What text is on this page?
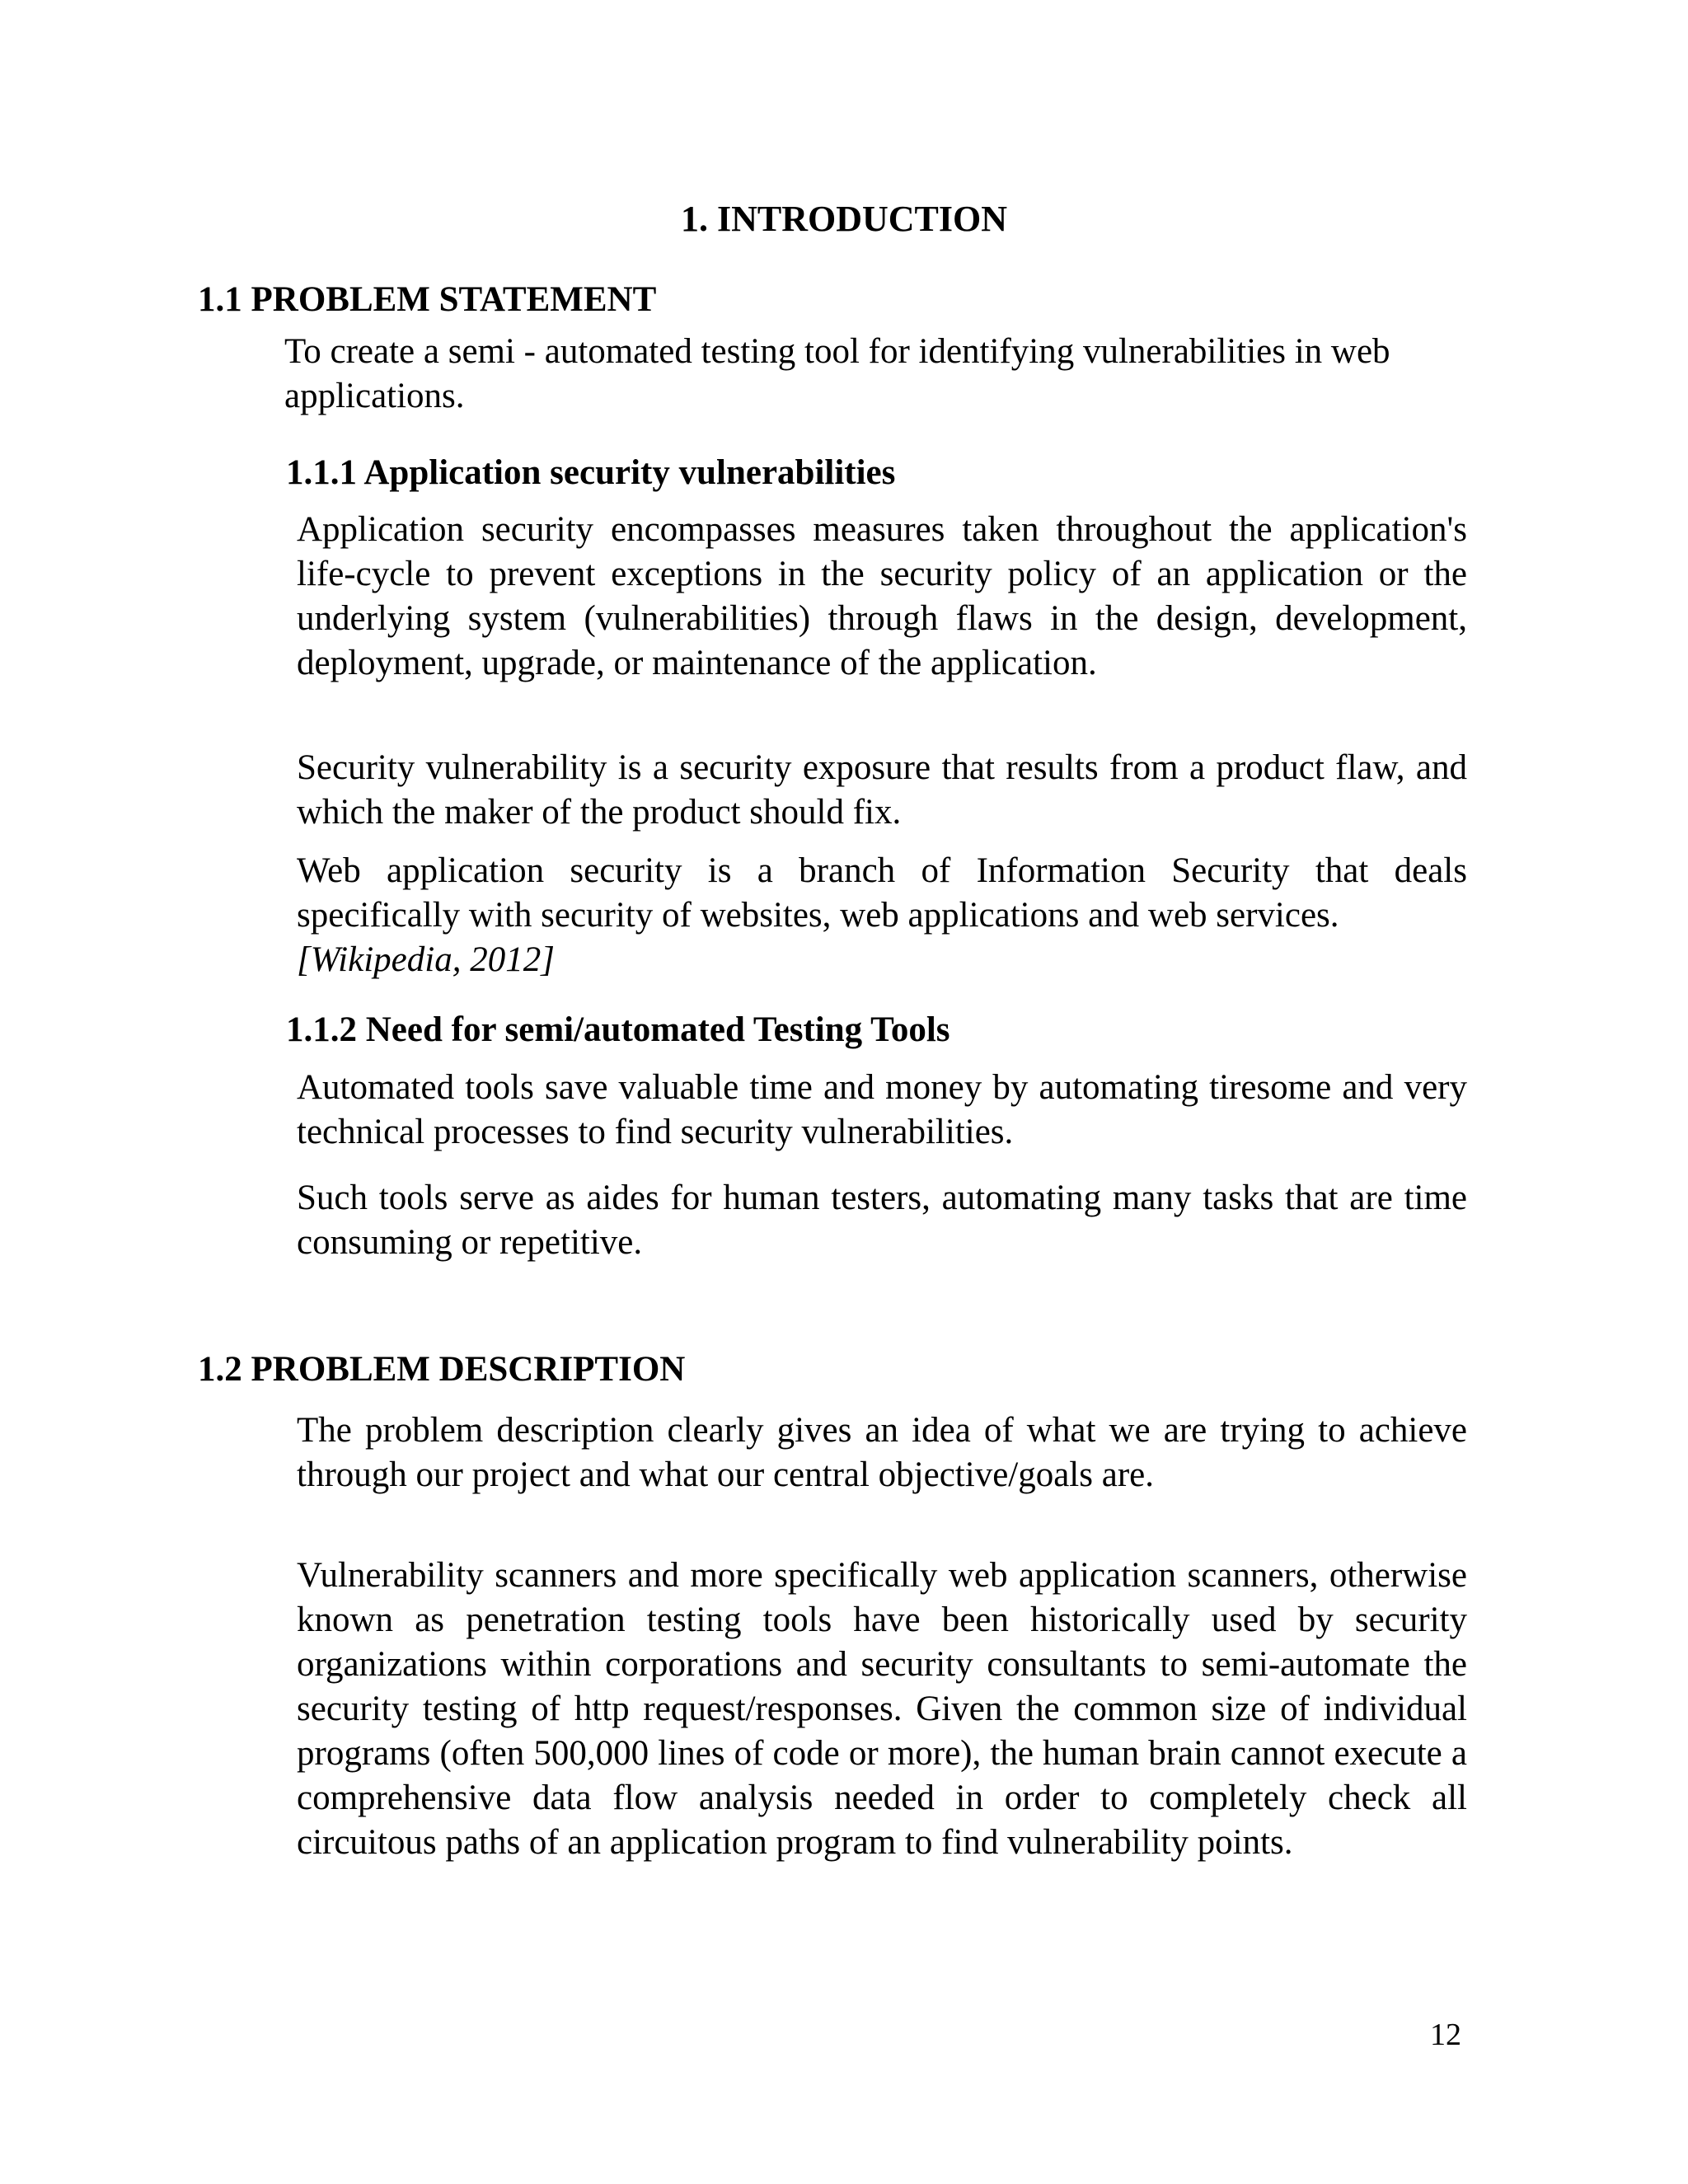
1. INTRODUCTION
1.1 PROBLEM STATEMENT

To create a semi - automated testing tool for identifying vulnerabilities in web applications.

1.1.1 Application security vulnerabilities

Application security encompasses measures taken throughout the application's life-cycle to prevent exceptions in the security policy of an application or the underlying system (vulnerabilities) through flaws in the design, development, deployment, upgrade, or maintenance of the application.

Security vulnerability is a security exposure that results from a product flaw, and which the maker of the product should fix.

Web application security is a branch of Information Security that deals specifically with security of websites, web applications and web services.
[Wikipedia, 2012]
1.1.2 Need for semi/automated Testing Tools

Automated tools save valuable time and money by automating tiresome and very technical processes to find security vulnerabilities.

Such tools serve as aides for human testers, automating many tasks that are time consuming or repetitive.

1.2 PROBLEM DESCRIPTION

The problem description clearly gives an idea of what we are trying to achieve through our project and what our central objective/goals are.

Vulnerability scanners and more specifically web application scanners, otherwise known as penetration testing tools have been historically used by security organizations within corporations and security consultants to semi-automate the security testing of http request/responses. Given the common size of individual programs (often 500,000 lines of code or more), the human brain cannot execute a comprehensive data flow analysis needed in order to completely check all circuitous paths of an application program to find vulnerability points.

12
